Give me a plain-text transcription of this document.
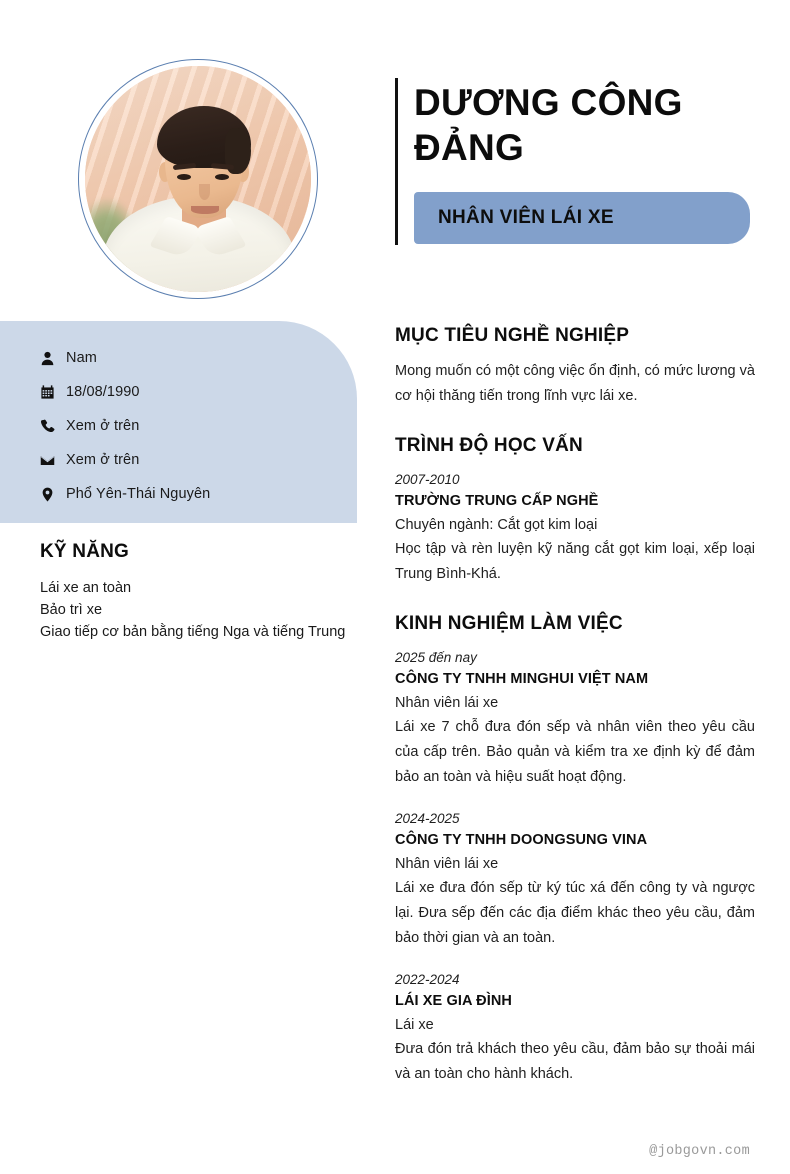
DƯƠNG CÔNG ĐẢNG
NHÂN VIÊN LÁI XE
Nam
18/08/1990
Xem ở trên
Xem ở trên
Phổ Yên-Thái Nguyên
KỸ NĂNG
Lái xe an toàn
Bảo trì xe
Giao tiếp cơ bản bằng tiếng Nga và tiếng Trung
MỤC TIÊU NGHỀ NGHIỆP

Mong muốn có một công việc ổn định, có mức lương và cơ hội thăng tiến trong lĩnh vực lái xe.

TRÌNH ĐỘ HỌC VẤN
2007-2010
TRƯỜNG TRUNG CẤP NGHỀ
Chuyên ngành: Cắt gọt kim loại
Học tập và rèn luyện kỹ năng cắt gọt kim loại, xếp loại Trung Bình-Khá.
KINH NGHIỆM LÀM VIỆC
2025 đến nay
CÔNG TY TNHH MINGHUI VIỆT NAM
Nhân viên lái xe
Lái xe 7 chỗ đưa đón sếp và nhân viên theo yêu cầu của cấp trên. Bảo quản và kiểm tra xe định kỳ để đảm bảo an toàn và hiệu suất hoạt động.
2024-2025
CÔNG TY TNHH DOONGSUNG VINA
Nhân viên lái xe
Lái xe đưa đón sếp từ ký túc xá đến công ty và ngược lại. Đưa sếp đến các địa điểm khác theo yêu cầu, đảm bảo thời gian và an toàn.
2022-2024
LÁI XE GIA ĐÌNH
Lái xe
Đưa đón trả khách theo yêu cầu, đảm bảo sự thoải mái và an toàn cho hành khách.
@jobgovn.com
